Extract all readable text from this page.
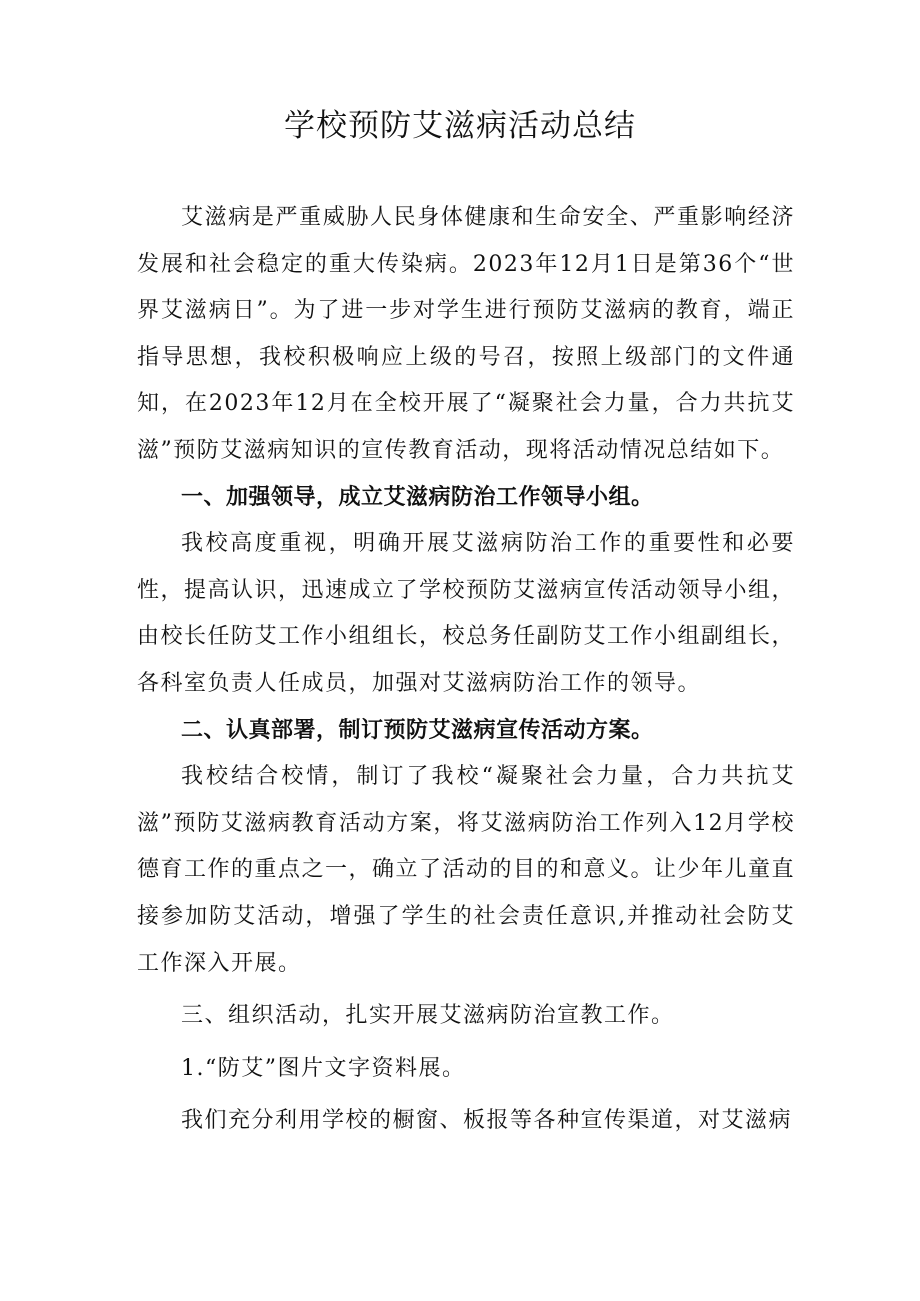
学校预防艾滋病活动总结

艾滋病是严重威胁人民身体健康和生命安全、严重影响经济发展和社会稳定的重大传染病。2023年12月1日是第36个“世界艾滋病日”。为了进一步对学生进行预防艾滋病的教育，端正指导思想，我校积极响应上级的号召，按照上级部门的文件通知，在2023年12月在全校开展了“凝聚社会力量，合力共抗艾滋”预防艾滋病知识的宣传教育活动，现将活动情况总结如下。

一、加强领导，成立艾滋病防治工作领导小组。

我校高度重视，明确开展艾滋病防治工作的重要性和必要性，提高认识，迅速成立了学校预防艾滋病宣传活动领导小组，由校长任防艾工作小组组长，校总务任副防艾工作小组副组长，各科室负责人任成员，加强对艾滋病防治工作的领导。

二、认真部署，制订预防艾滋病宣传活动方案。

我校结合校情，制订了我校“凝聚社会力量，合力共抗艾滋”预防艾滋病教育活动方案，将艾滋病防治工作列入12月学校德育工作的重点之一，确立了活动的目的和意义。让少年儿童直接参加防艾活动，增强了学生的社会责任意识,并推动社会防艾工作深入开展。

三、组织活动，扎实开展艾滋病防治宣教工作。

1.“防艾”图片文字资料展。

我们充分利用学校的橱窗、板报等各种宣传渠道，对艾滋病
